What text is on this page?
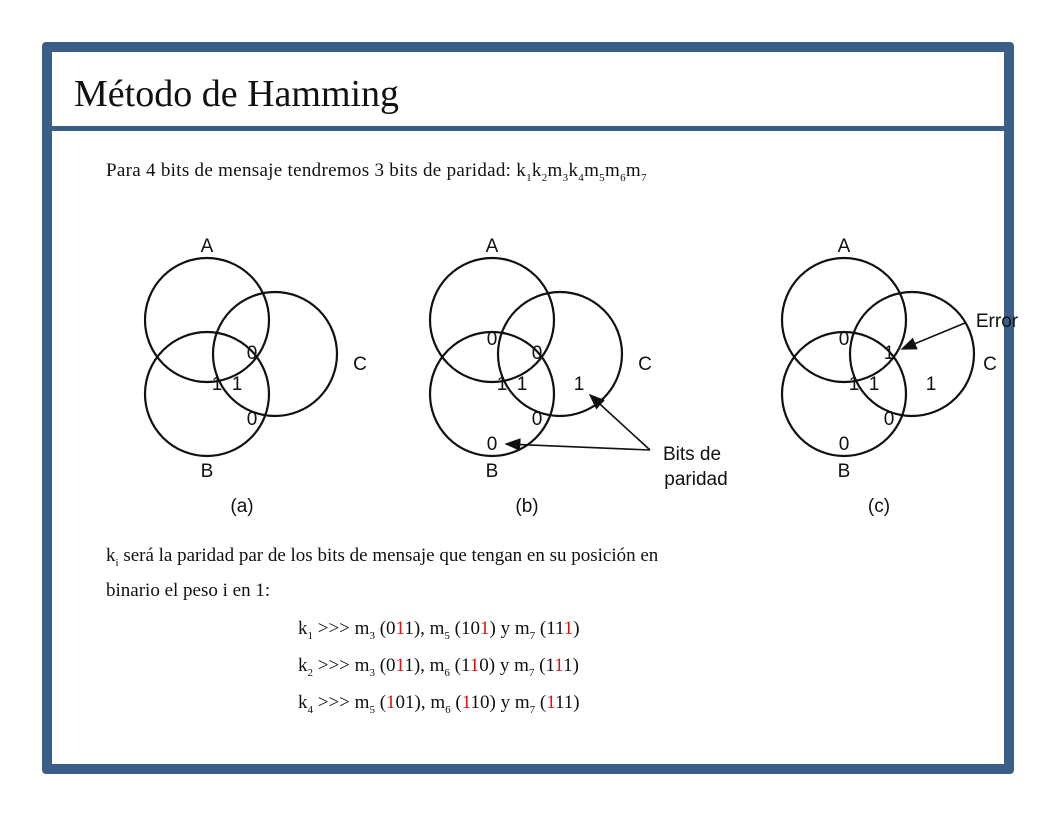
Método de Hamming
Para 4 bits de mensaje tendremos 3 bits de paridad: $k_1k_2m_3k_4m_5m_6m_7$
A
B
C
1 1
0
0
(a)
A
B
C
0
0
1 1 1
0
0
(b)
Bits de
paridad
A
B
0
1
1 1 1
0
0
(c)
Error
C
$k_i$ será la paridad par de los bits de mensaje que tengan en su posición en
binario el peso i en 1:
$k_1$ >>> $m_3$ (011), $m_5$ (101) y $m_7$ (111)
$k_2$ >>> $m_3$ (011), $m_6$ (110) y $m_7$ (111)
$k_4$ >>> $m_5$ (101), $m_6$ (110) y $m_7$ (111)
